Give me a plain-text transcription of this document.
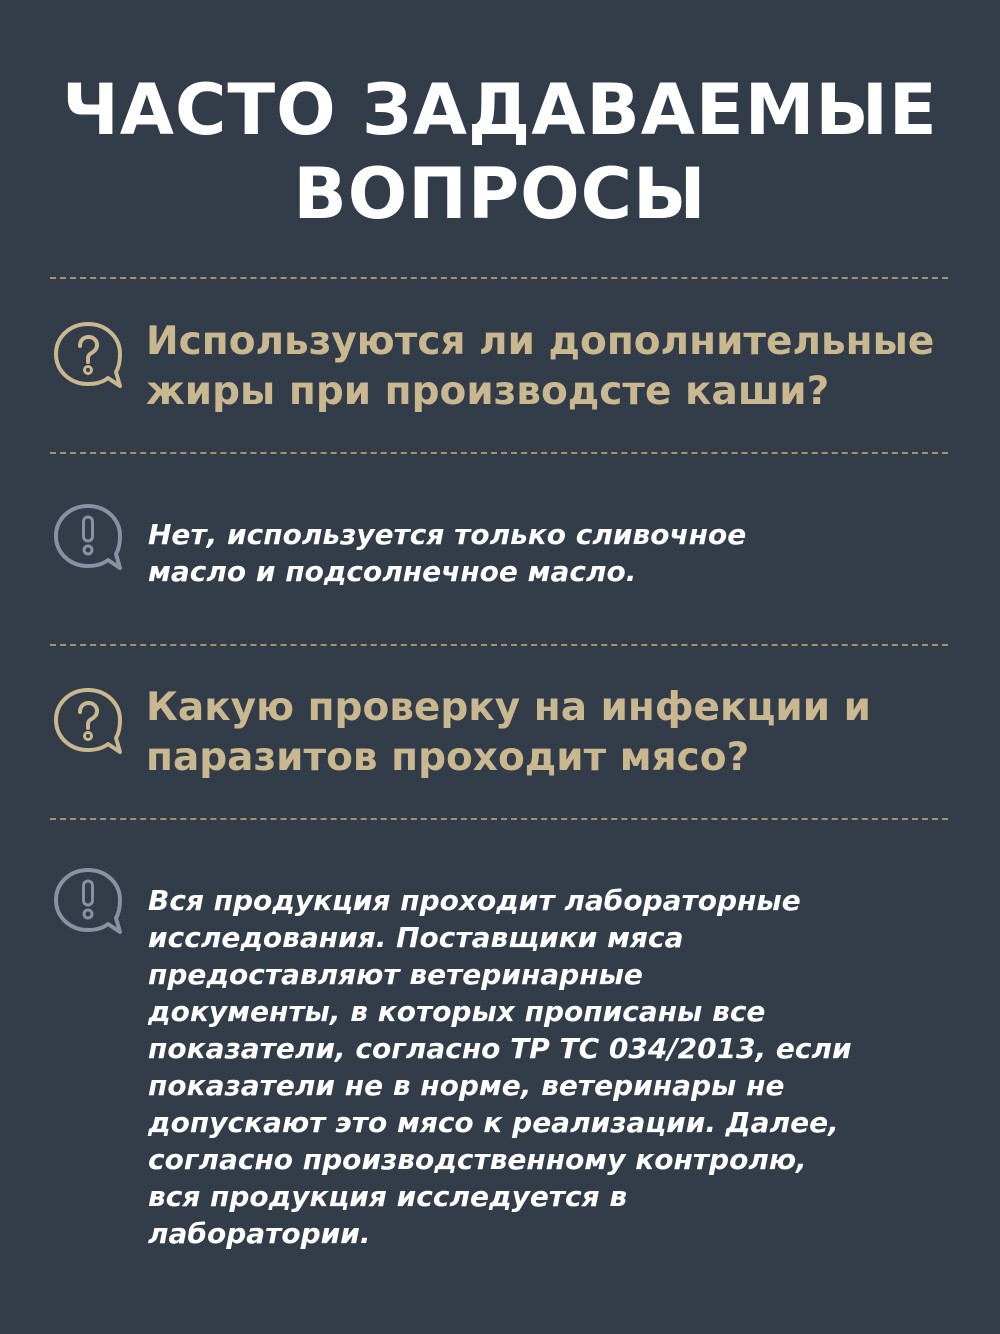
ЧАСТО ЗАДАВАЕМЫЕ
ВОПРОСЫ
Используются ли дополнительные
жиры при производсте каши?
Нет, используется только сливочное
масло и подсолнечное масло.
Какую проверку на инфекции и
паразитов проходит мясо?
Вся продукция проходит лабораторные
исследования. Поставщики мяса
предоставляют ветеринарные
документы, в которых прописаны все
показатели, согласно ТР ТС 034/2013, если
показатели не в норме, ветеринары не
допускают это мясо к реализации. Далее,
согласно производственному контролю,
вся продукция исследуется в
лаборатории.
